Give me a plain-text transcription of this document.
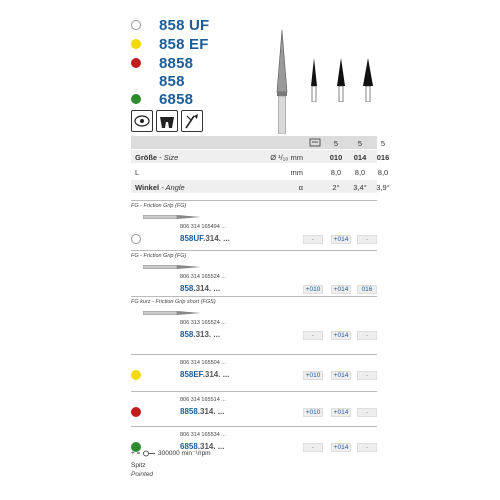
858 UF
858 EF
8858
858
6858
5	5	5
Größe - Size	Ø ¹/₁₀ mm	010	014	016
L	mm	8,0	8,0	8,0
Winkel - Angle	α	2°	3,4°	3,9°
FG - Friction Grip (FG)
806 314 165494 ...
858UF.314. ...	-	+014	-
FG - Friction Grip (FG)
806 314 165524 ...
858.314. ...	+010	+014	016
FG kurz - Friction Grip short (FGS)
806 313 165524 ...
858.313. ...	-	+014	-
806 314 165504 ...
858EF.314. ...	+010	+014	-
806 314 165514 ...
8858.314. ...	+010	+014	-
806 314 165534 ...
6858.314. ...	-	+014	-
+ =  300000 min⁻¹/rpm
Spitz
Pointed
